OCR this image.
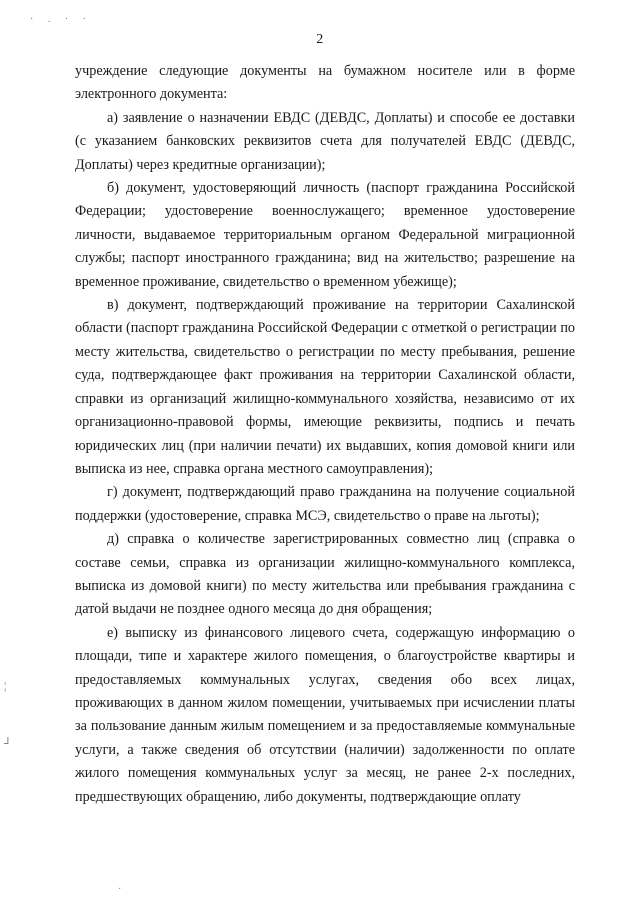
· . · ·
2

учреждение следующие документы на бумажном носителе или в форме электронного документа:

а) заявление о назначении ЕВДС (ДЕВДС, Доплаты) и способе ее доставки (с указанием банковских реквизитов счета для получателей ЕВДС (ДЕВДС, Доплаты) через кредитные организации);

б) документ, удостоверяющий личность (паспорт гражданина Российской Федерации; удостоверение военнослужащего; временное удостоверение личности, выдаваемое территориальным органом Федеральной миграционной службы; паспорт иностранного гражданина; вид на жительство; разрешение на временное проживание, свидетельство о временном убежище);

в) документ, подтверждающий проживание на территории Сахалинской области (паспорт гражданина Российской Федерации с отметкой о регистрации по месту жительства, свидетельство о регистрации по месту пребывания, решение суда, подтверждающее факт проживания на территории Сахалинской области, справки из организаций жилищно-коммунального хозяйства, независимо от их организационно-правовой формы, имеющие реквизиты, подпись и печать юридических лиц (при наличии печати) их выдавших, копия домовой книги или выписка из нее, справка органа местного самоуправления);

г) документ, подтверждающий право гражданина на получение социальной поддержки (удостоверение, справка МСЭ, свидетельство о праве на льготы);

д) справка о количестве зарегистрированных совместно лиц (справка о составе семьи, справка из организации жилищно-коммунального комплекса, выписка из домовой книги) по месту жительства или пребывания гражданина с датой выдачи не позднее одного месяца до дня обращения;

е) выписку из финансового лицевого счета, содержащую информацию о площади, типе и характере жилого помещения, о благоустройстве квартиры и предоставляемых коммунальных услугах, сведения обо всех лицах, проживающих в данном жилом помещении, учитываемых при исчислении платы за пользование данным жилым помещением и за предоставляемые коммунальные услуги, а также сведения об отсутствии (наличии) задолженности по оплате жилого помещения коммунальных услуг за месяц, не ранее 2-х последних, предшествующих обращению, либо документы, подтверждающие оплату

¦
┘
·
